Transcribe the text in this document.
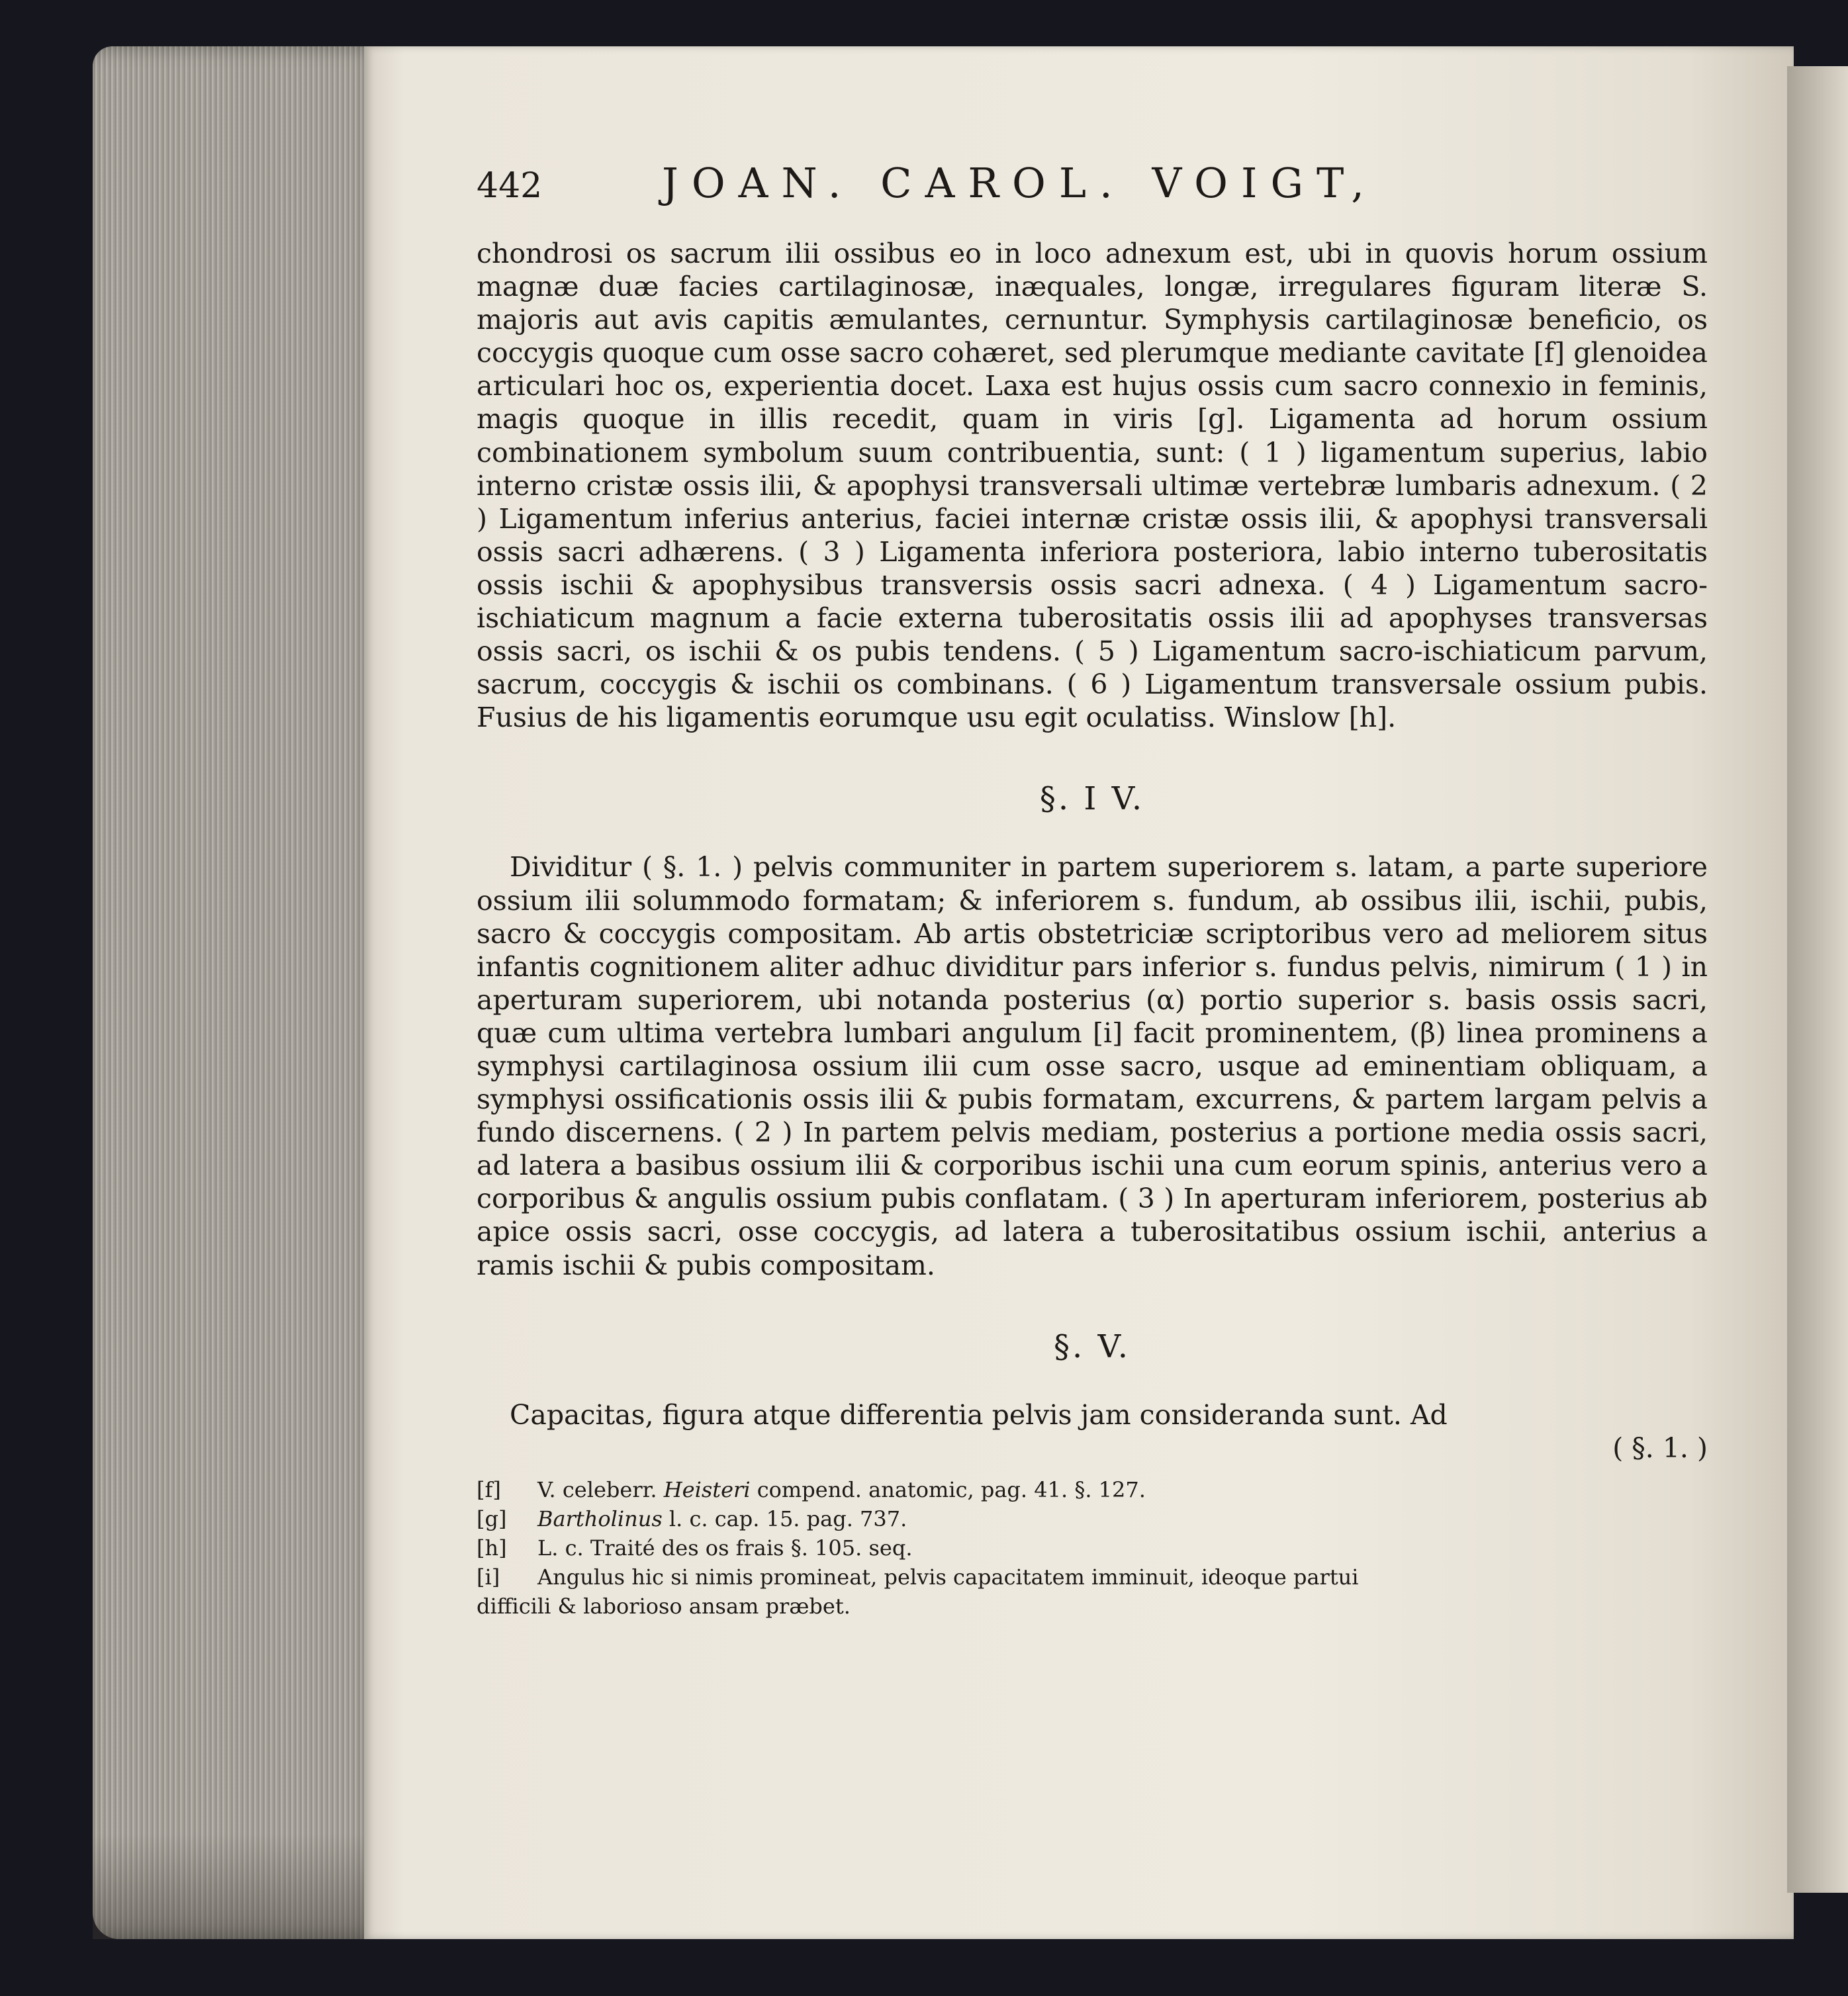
442	JOAN. CAROL. VOIGT,

chondrosi os sacrum ilii ossibus eo in loco adnexum est, ubi in quovis horum ossium magnæ duæ facies cartilaginosæ, inæquales, longæ, irregulares figuram literæ S. majoris aut avis capitis æmulantes, cernuntur. Symphysis cartilaginosæ beneficio, os coccygis quoque cum osse sacro cohæret, sed plerumque mediante cavitate [f] glenoidea articulari hoc os, experientia docet. Laxa est hujus ossis cum sacro connexio in feminis, magis quoque in illis recedit, quam in viris [g]. Ligamenta ad horum ossium combinationem symbolum suum contribuentia, sunt: ( 1 ) ligamentum superius, labio interno cristæ ossis ilii, & apophysi transversali ultimæ vertebræ lumbaris adnexum. ( 2 ) Ligamentum inferius anterius, faciei internæ cristæ ossis ilii, & apophysi transversali ossis sacri adhærens. ( 3 ) Ligamenta inferiora posteriora, labio interno tuberositatis ossis ischii & apophysibus transversis ossis sacri adnexa. ( 4 ) Ligamentum sacro-ischiaticum magnum a facie externa tuberositatis ossis ilii ad apophyses transversas ossis sacri, os ischii & os pubis tendens. ( 5 ) Ligamentum sacro-ischiaticum parvum, sacrum, coccygis & ischii os combinans. ( 6 ) Ligamentum transversale ossium pubis. Fusius de his ligamentis eorumque usu egit oculatiss. Winslow [h].

§. I V.

Dividitur ( §. 1. ) pelvis communiter in partem superiorem s. latam, a parte superiore ossium ilii solummodo formatam; & inferiorem s. fundum, ab ossibus ilii, ischii, pubis, sacro & coccygis compositam. Ab artis obstetriciæ scriptoribus vero ad meliorem situs infantis cognitionem aliter adhuc dividitur pars inferior s. fundus pelvis, nimirum ( 1 ) in aperturam superiorem, ubi notanda posterius (α) portio superior s. basis ossis sacri, quæ cum ultima vertebra lumbari angulum [i] facit prominentem, (β) linea prominens a symphysi cartilaginosa ossium ilii cum osse sacro, usque ad eminentiam obliquam, a symphysi ossificationis ossis ilii & pubis formatam, excurrens, & partem largam pelvis a fundo discernens. ( 2 ) In partem pelvis mediam, posterius a portione media ossis sacri, ad latera a basibus ossium ilii & corporibus ischii una cum eorum spinis, anterius vero a corporibus & angulis ossium pubis conflatam. ( 3 ) In aperturam inferiorem, posterius ab apice ossis sacri, osse coccygis, ad latera a tuberositatibus ossium ischii, anterius a ramis ischii & pubis compositam.

§. V.

Capacitas, figura atque differentia pelvis jam consideranda sunt. Ad

( §. 1. )
[f]	V. celeberr. Heisteri compend. anatomic, pag. 41. §. 127.
[g]	Bartholinus l. c. cap. 15. pag. 737.
[h]	L. c. Traité des os frais §. 105. seq.
[i]	Angulus hic si nimis promineat, pelvis capacitatem imminuit, ideoque partui
difficili & laborioso ansam præbet.
